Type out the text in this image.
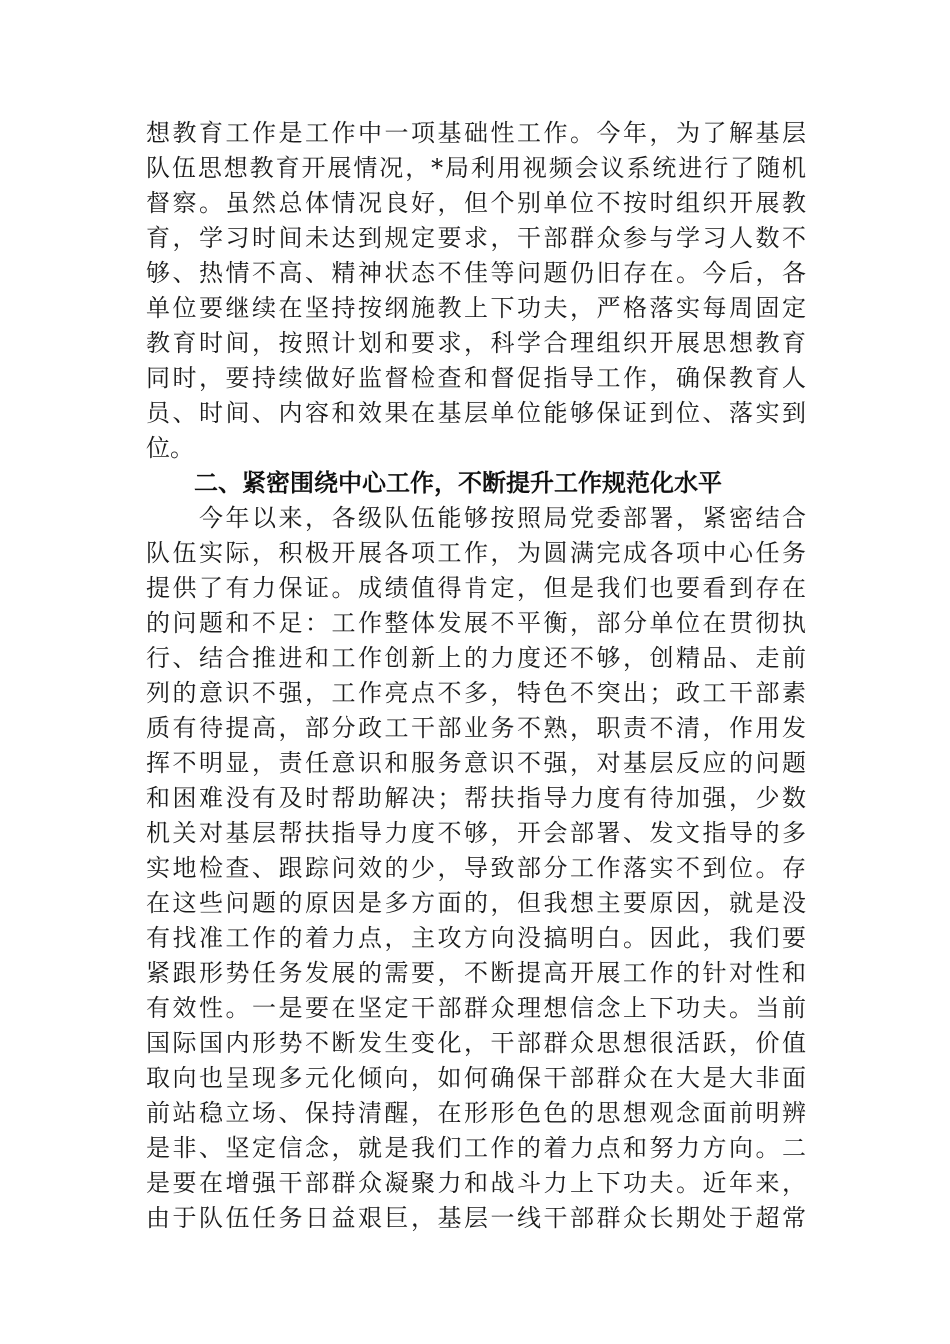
想教育工作是工作中一项基础性工作。今年，为了解基层
队伍思想教育开展情况，*局利用视频会议系统进行了随机
督察。虽然总体情况良好，但个别单位不按时组织开展教
育，学习时间未达到规定要求，干部群众参与学习人数不
够、热情不高、精神状态不佳等问题仍旧存在。今后，各
单位要继续在坚持按纲施教上下功夫，严格落实每周固定
教育时间，按照计划和要求，科学合理组织开展思想教育
同时，要持续做好监督检查和督促指导工作，确保教育人
员、时间、内容和效果在基层单位能够保证到位、落实到
位。
二、紧密围绕中心工作，不断提升工作规范化水平
　　今年以来，各级队伍能够按照局党委部署，紧密结合
队伍实际，积极开展各项工作，为圆满完成各项中心任务
提供了有力保证。成绩值得肯定，但是我们也要看到存在
的问题和不足：工作整体发展不平衡，部分单位在贯彻执
行、结合推进和工作创新上的力度还不够，创精品、走前
列的意识不强，工作亮点不多，特色不突出；政工干部素
质有待提高，部分政工干部业务不熟，职责不清，作用发
挥不明显，责任意识和服务意识不强，对基层反应的问题
和困难没有及时帮助解决；帮扶指导力度有待加强，少数
机关对基层帮扶指导力度不够，开会部署、发文指导的多
实地检查、跟踪问效的少，导致部分工作落实不到位。存
在这些问题的原因是多方面的，但我想主要原因，就是没
有找准工作的着力点，主攻方向没搞明白。因此，我们要
紧跟形势任务发展的需要，不断提高开展工作的针对性和
有效性。一是要在坚定干部群众理想信念上下功夫。当前
国际国内形势不断发生变化，干部群众思想很活跃，价值
取向也呈现多元化倾向，如何确保干部群众在大是大非面
前站稳立场、保持清醒，在形形色色的思想观念面前明辨
是非、坚定信念，就是我们工作的着力点和努力方向。二
是要在增强干部群众凝聚力和战斗力上下功夫。近年来，
由于队伍任务日益艰巨，基层一线干部群众长期处于超常
